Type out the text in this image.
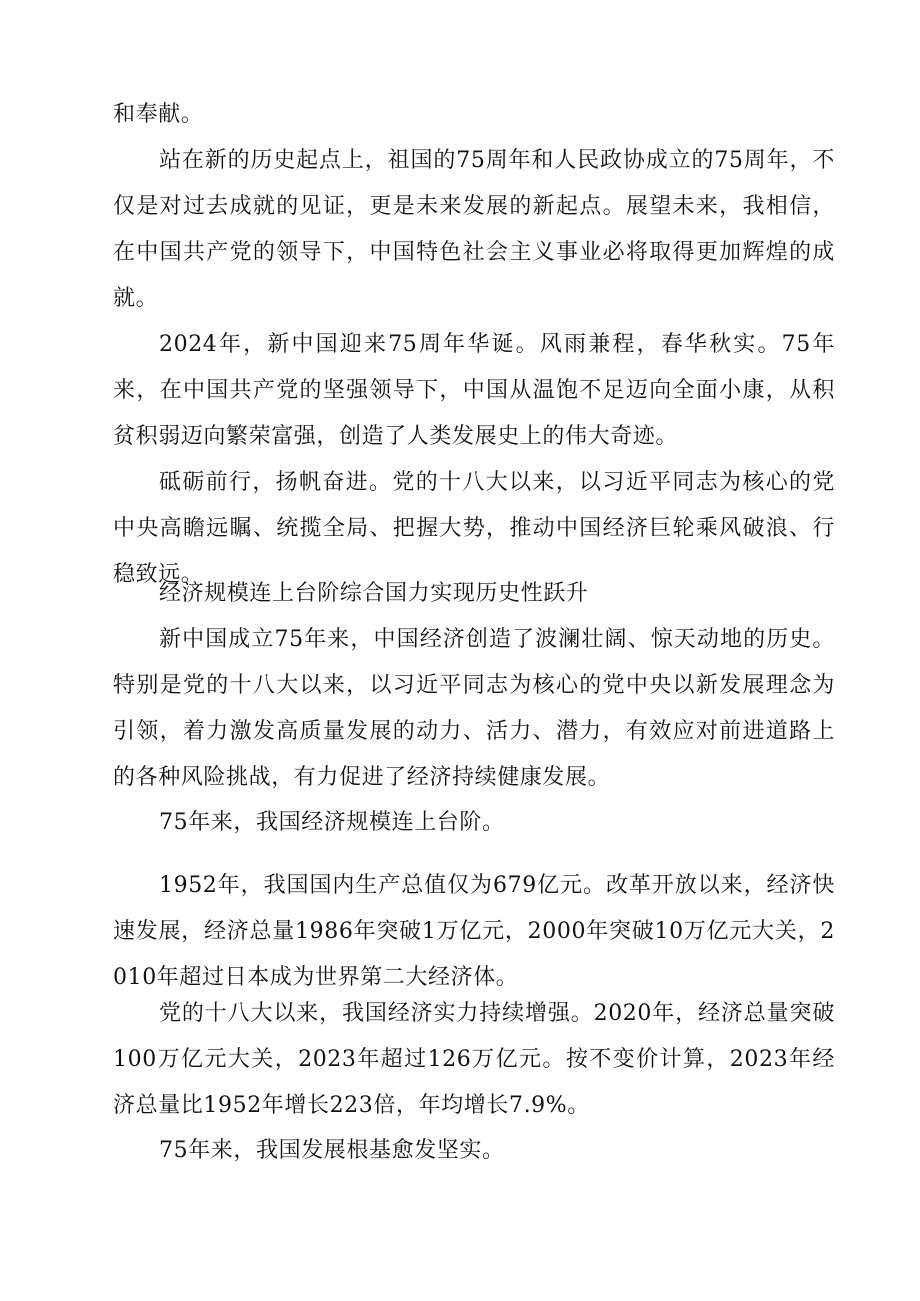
和奉献。

站在新的历史起点上，祖国的75周年和人民政协成立的75周年，不仅是对过去成就的见证，更是未来发展的新起点。展望未来，我相信，在中国共产党的领导下，中国特色社会主义事业必将取得更加辉煌的成就。

2024年，新中国迎来75周年华诞。风雨兼程，春华秋实。75年来，在中国共产党的坚强领导下，中国从温饱不足迈向全面小康，从积贫积弱迈向繁荣富强，创造了人类发展史上的伟大奇迹。

砥砺前行，扬帆奋进。党的十八大以来，以习近平同志为核心的党中央高瞻远瞩、统揽全局、把握大势，推动中国经济巨轮乘风破浪、行稳致远。

经济规模连上台阶综合国力实现历史性跃升

新中国成立75年来，中国经济创造了波澜壮阔、惊天动地的历史。特别是党的十八大以来，以习近平同志为核心的党中央以新发展理念为引领，着力激发高质量发展的动力、活力、潜力，有效应对前进道路上的各种风险挑战，有力促进了经济持续健康发展。

75年来，我国经济规模连上台阶。

1952年，我国国内生产总值仅为679亿元。改革开放以来，经济快速发展，经济总量1986年突破1万亿元，2000年突破10万亿元大关，2010年超过日本成为世界第二大经济体。

党的十八大以来，我国经济实力持续增强。2020年，经济总量突破100万亿元大关，2023年超过126万亿元。按不变价计算，2023年经济总量比1952年增长223倍，年均增长7.9%。

75年来，我国发展根基愈发坚实。
